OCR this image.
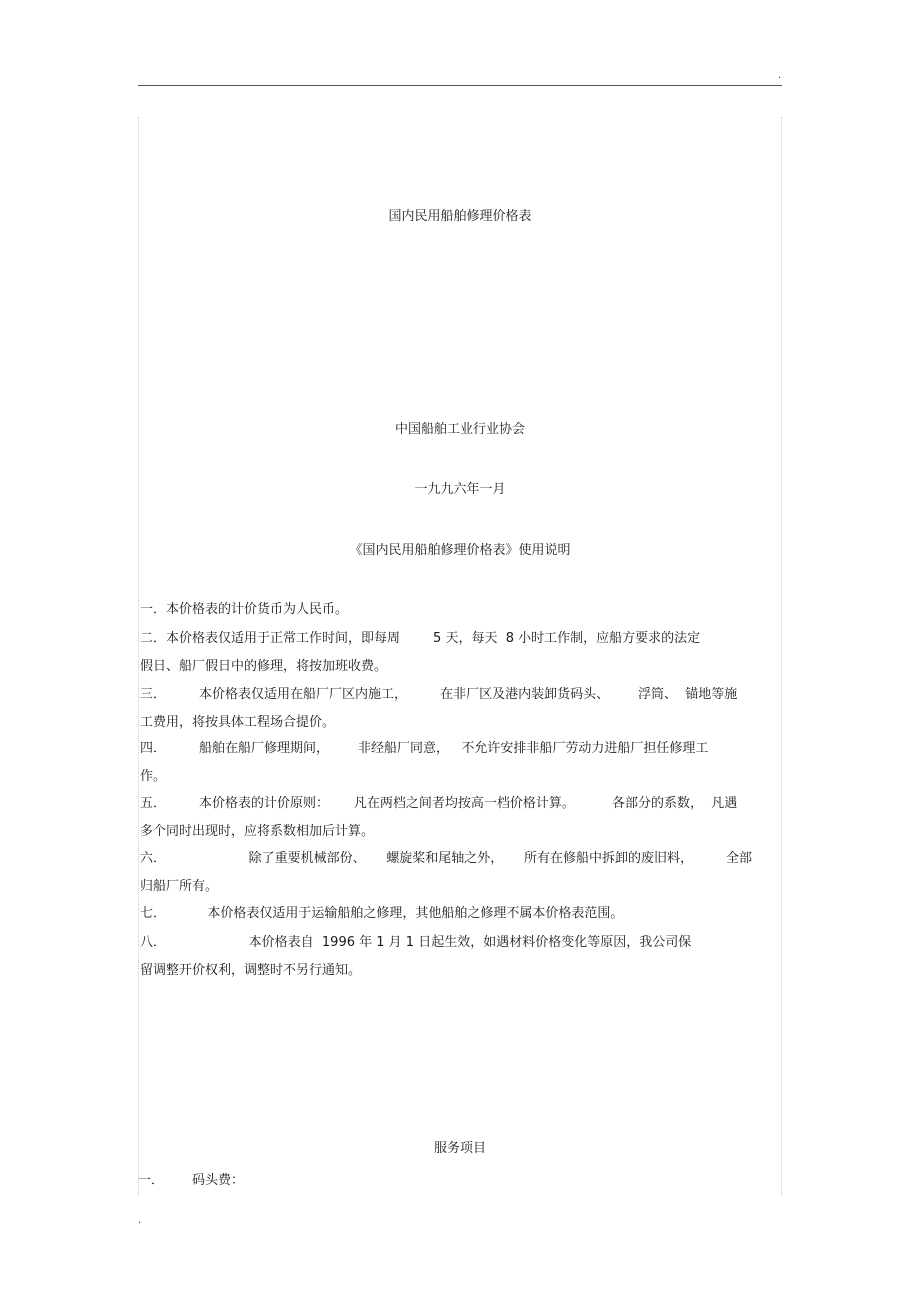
.
国内民用船舶修理价格表
中国船舶工业行业协会
一九九六年一月
《国内民用船舶修理价格表》使用说明
一．本价格表的计价货币为人民币。
二．本价格表仅适用于正常工作时间，即每周        5 天，每天  8 小时工作制，应船方要求的法定
假日、船厂假日中的修理，将按加班收费。
三．        本价格表仅适用在船厂厂区内施工，        在非厂区及港内装卸货码头、       浮筒、  锚地等施
工费用，将按具体工程场合提价。
四．        船舶在船厂修理期间，       非经船厂同意，   不允许安排非船厂劳动力进船厂担任修理工
作。
五．        本价格表的计价原则：      凡在两档之间者均按高一档价格计算。         各部分的系数，  凡遇
多个同时出现时，应将系数相加后计算。
六．                    除了重要机械部份、     螺旋桨和尾轴之外，     所有在修船中拆卸的废旧料，        全部
归船厂所有。
七．          本价格表仅适用于运输船舶之修理，其他船舶之修理不属本价格表范围。
八．                    本价格表自  1996 年 1 月 1 日起生效，如遇材料价格变化等原因，我公司保
留调整开价权利，调整时不另行通知。
服务项目
一． 码头费：
.
